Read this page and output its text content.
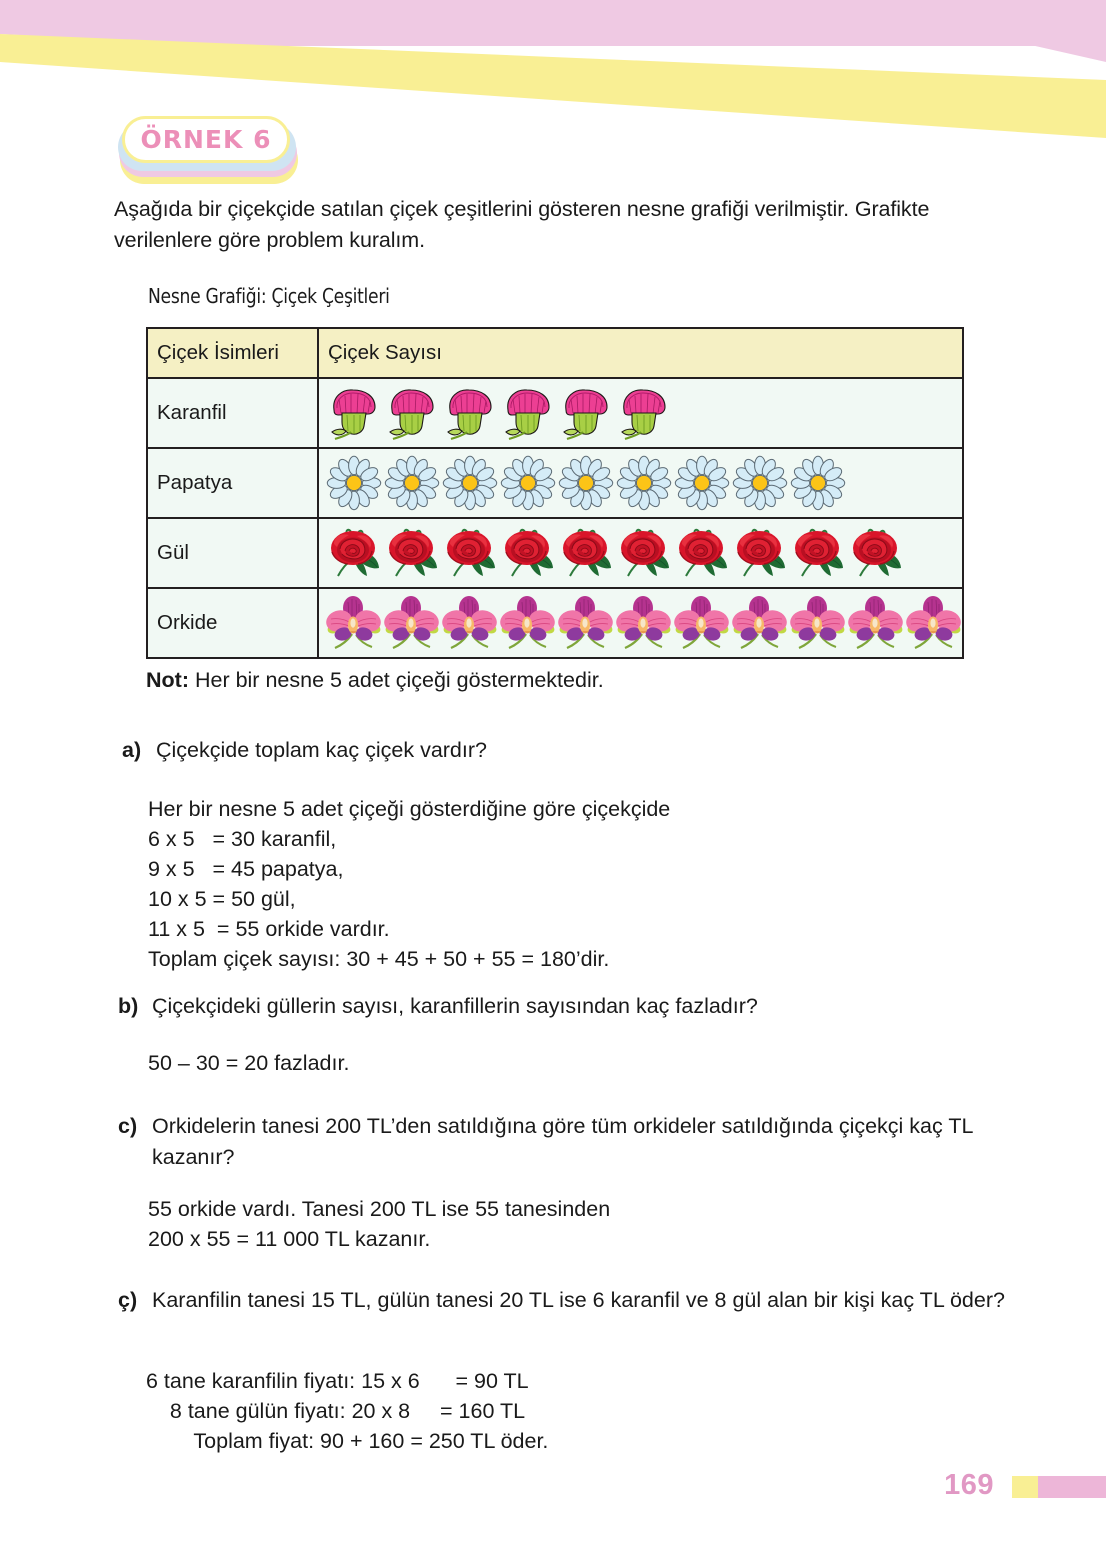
ÖRNEK 6
Aşağıda bir çiçekçide satılan çiçek çeşitlerini gösteren nesne grafiği verilmiştir. Grafikte verilenlere göre problem kuralım.
Nesne Grafiği: Çiçek Çeşitleri
Çiçek İsimleri	Çiçek Sayısı
Karanfil	

Papatya	

Gül	

Orkide	
Not: Her bir nesne 5 adet çiçeği göstermektedir.
a) Çiçekçide toplam kaç çiçek vardır?
Her bir nesne 5 adet çiçeği gösterdiğine göre çiçekçide
6 x 5   = 30 karanfil,
9 x 5   = 45 papatya,
10 x 5 = 50 gül,
11 x 5  = 55 orkide vardır.
Toplam çiçek sayısı: 30 + 45 + 50 + 55 = 180’dir.
b) Çiçekçideki güllerin sayısı, karanfillerin sayısından kaç fazladır?
50 – 30 = 20 fazladır.
c) Orkidelerin tanesi 200 TL’den satıldığına göre tüm orkideler satıldığında çiçekçi kaç TL kazanır?
55 orkide vardı. Tanesi 200 TL ise 55 tanesinden
200 x 55 = 11 000 TL kazanır.
ç) Karanfilin tanesi 15 TL, gülün tanesi 20 TL ise 6 karanfil ve 8 gül alan bir kişi kaç TL öder?
6 tane karanfilin fiyatı: 15 x 6      = 90 TL
8 tane gülün fiyatı: 20 x 8     = 160 TL
Toplam fiyat: 90 + 160 = 250 TL öder.
169
